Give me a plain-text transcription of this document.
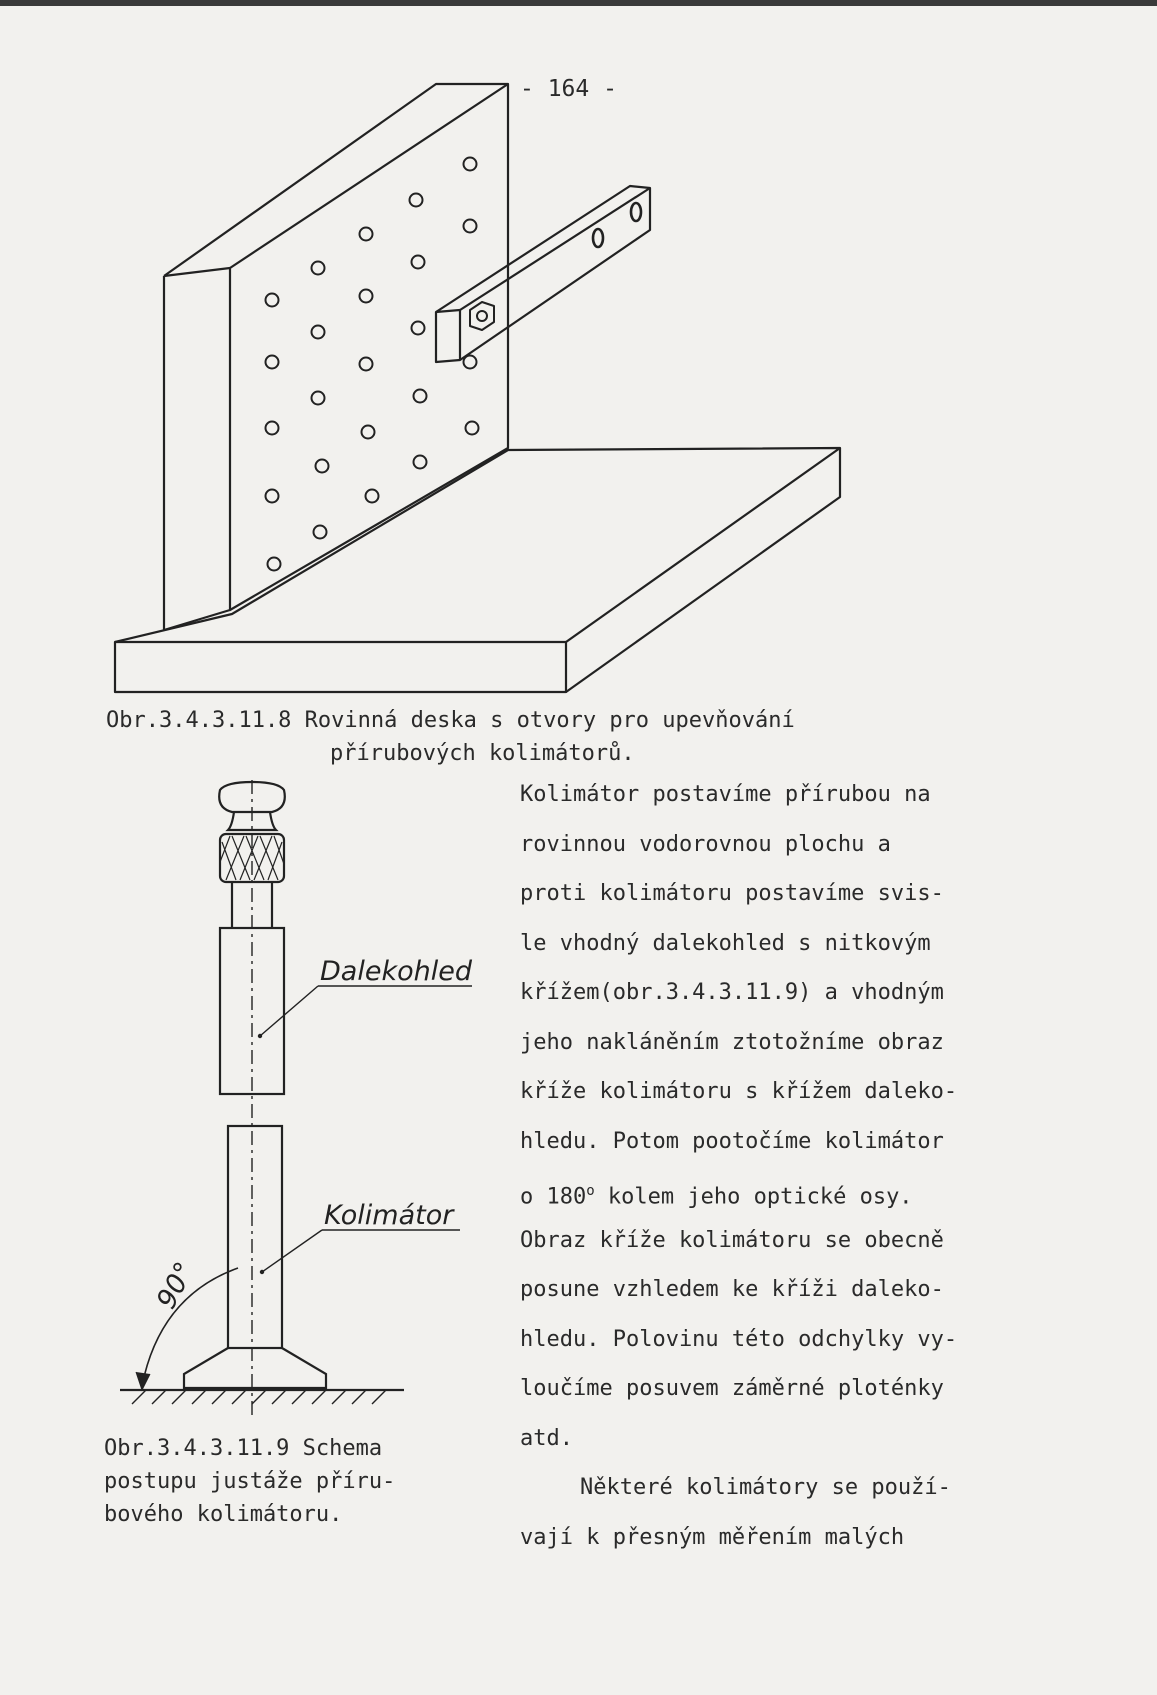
- 164 -
Obr.3.4.3.11.8 Rovinná deska s otvory pro upevňování
přírubových kolimátorů.
Dalekohled
Kolimátor
90°
Kolimátor postavíme přírubou na
rovinnou vodorovnou plochu a
proti kolimátoru postavíme svis-
le vhodný dalekohled s nitkovým
křížem(obr.3.4.3.11.9) a vhodným
jeho nakláněním ztotožníme obraz
kříže kolimátoru s křížem daleko-
hledu. Potom pootočíme kolimátor
o 180$^o$ kolem jeho optické osy.
Obraz kříže kolimátoru se obecně
posune vzhledem ke kříži daleko-
hledu. Polovinu této odchylky vy-
loučíme posuvem záměrné ploténky
atd.
Některé kolimátory se použí-
vají k přesným měřením malých
Obr.3.4.3.11.9 Schema
postupu justáže příru-
bového kolimátoru.
